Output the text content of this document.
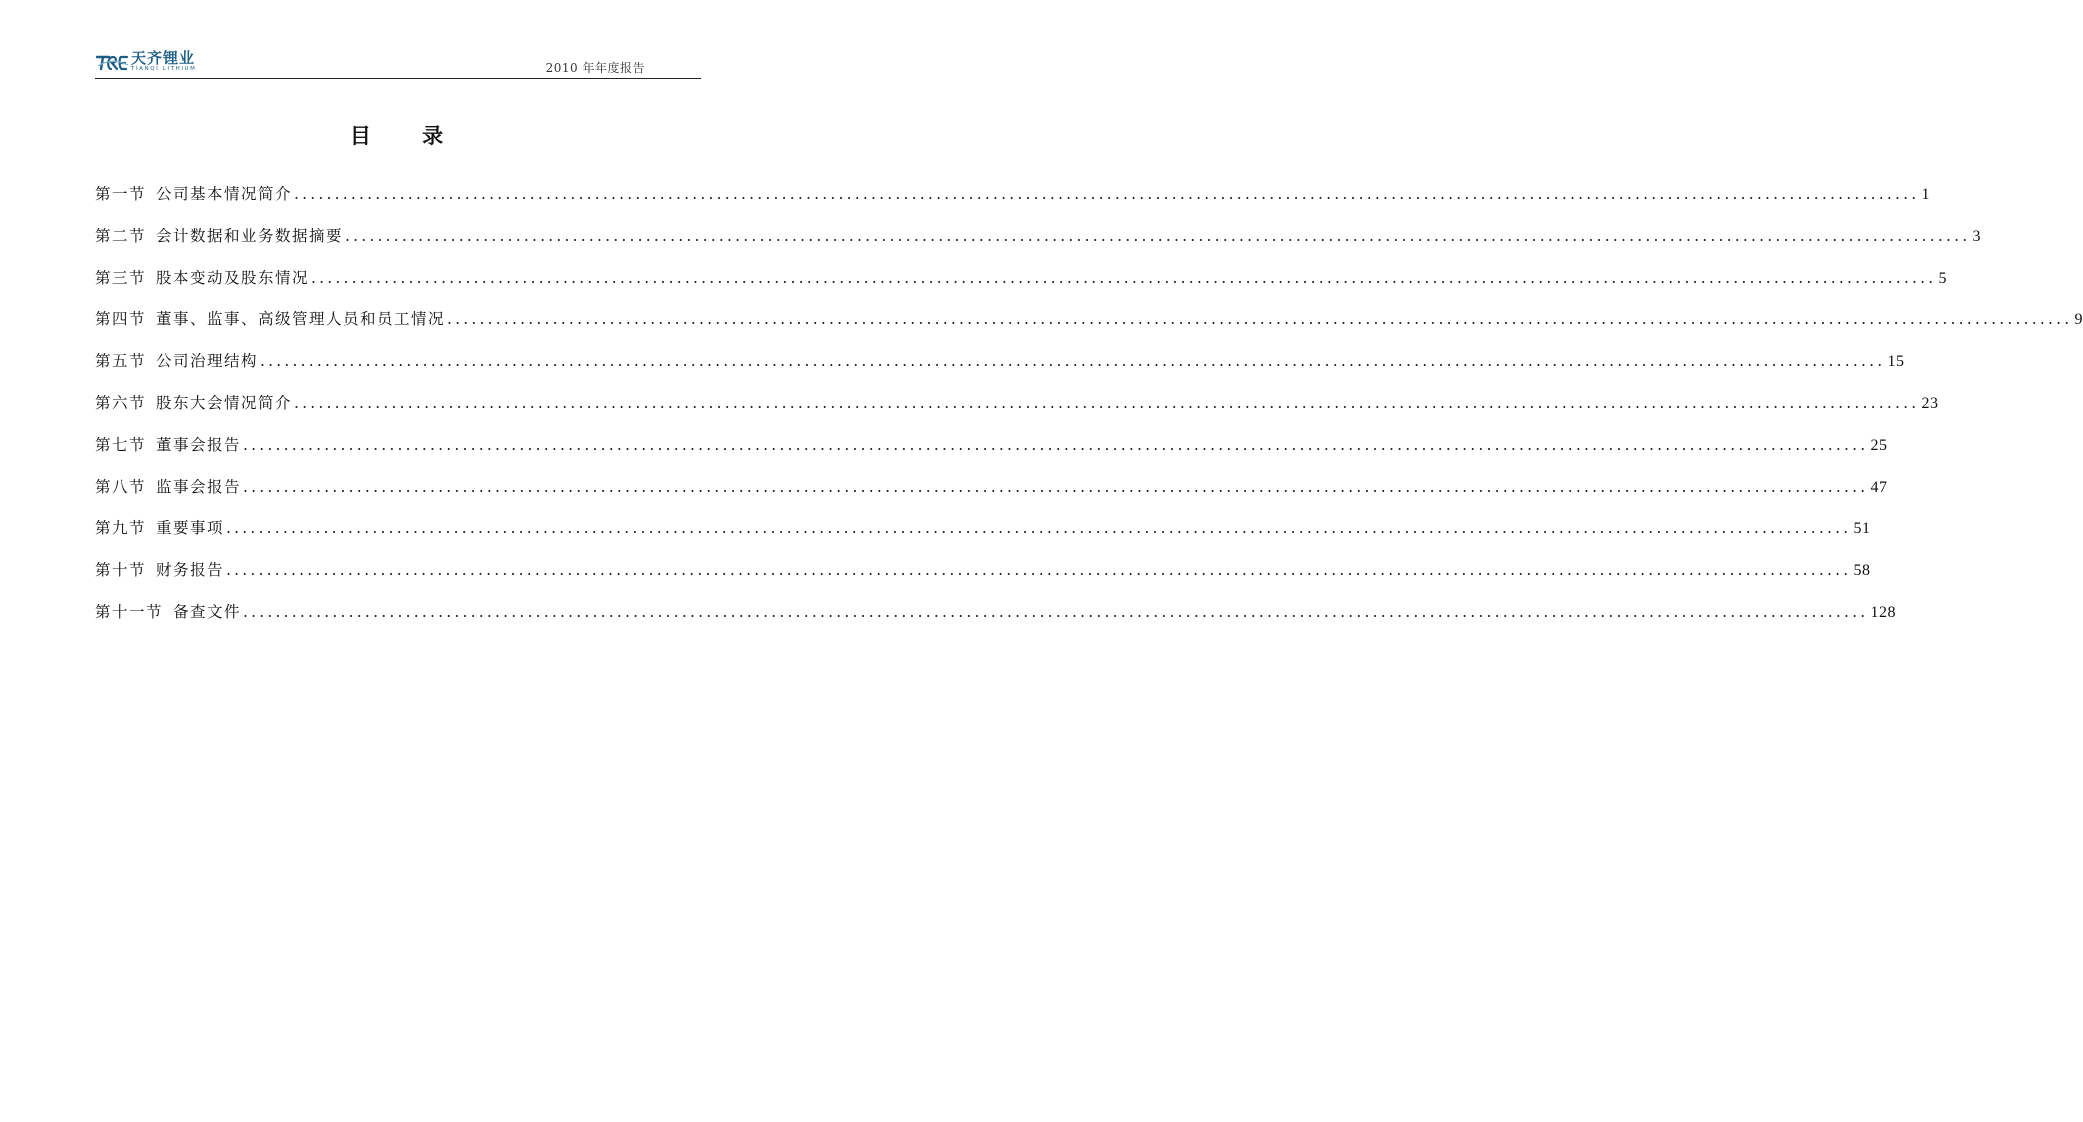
天齐锂业
TIANQI LITHIUM	2010 年年度报告
目 录
第一节 公司基本情况简介 ........................................................................................................................................................................................................ 1
第二节 会计数据和业务数据摘要 ........................................................................................................................................................................................................ 3
第三节 股本变动及股东情况 ........................................................................................................................................................................................................ 5
第四节 董事、监事、高级管理人员和员工情况 ........................................................................................................................................................................................................ 9
第五节 公司治理结构 ........................................................................................................................................................................................................ 15
第六节 股东大会情况简介 ........................................................................................................................................................................................................ 23
第七节 董事会报告 ........................................................................................................................................................................................................ 25
第八节 监事会报告 ........................................................................................................................................................................................................ 47
第九节 重要事项 ........................................................................................................................................................................................................ 51
第十节 财务报告 ........................................................................................................................................................................................................ 58
第十一节 备查文件 ........................................................................................................................................................................................................ 128
